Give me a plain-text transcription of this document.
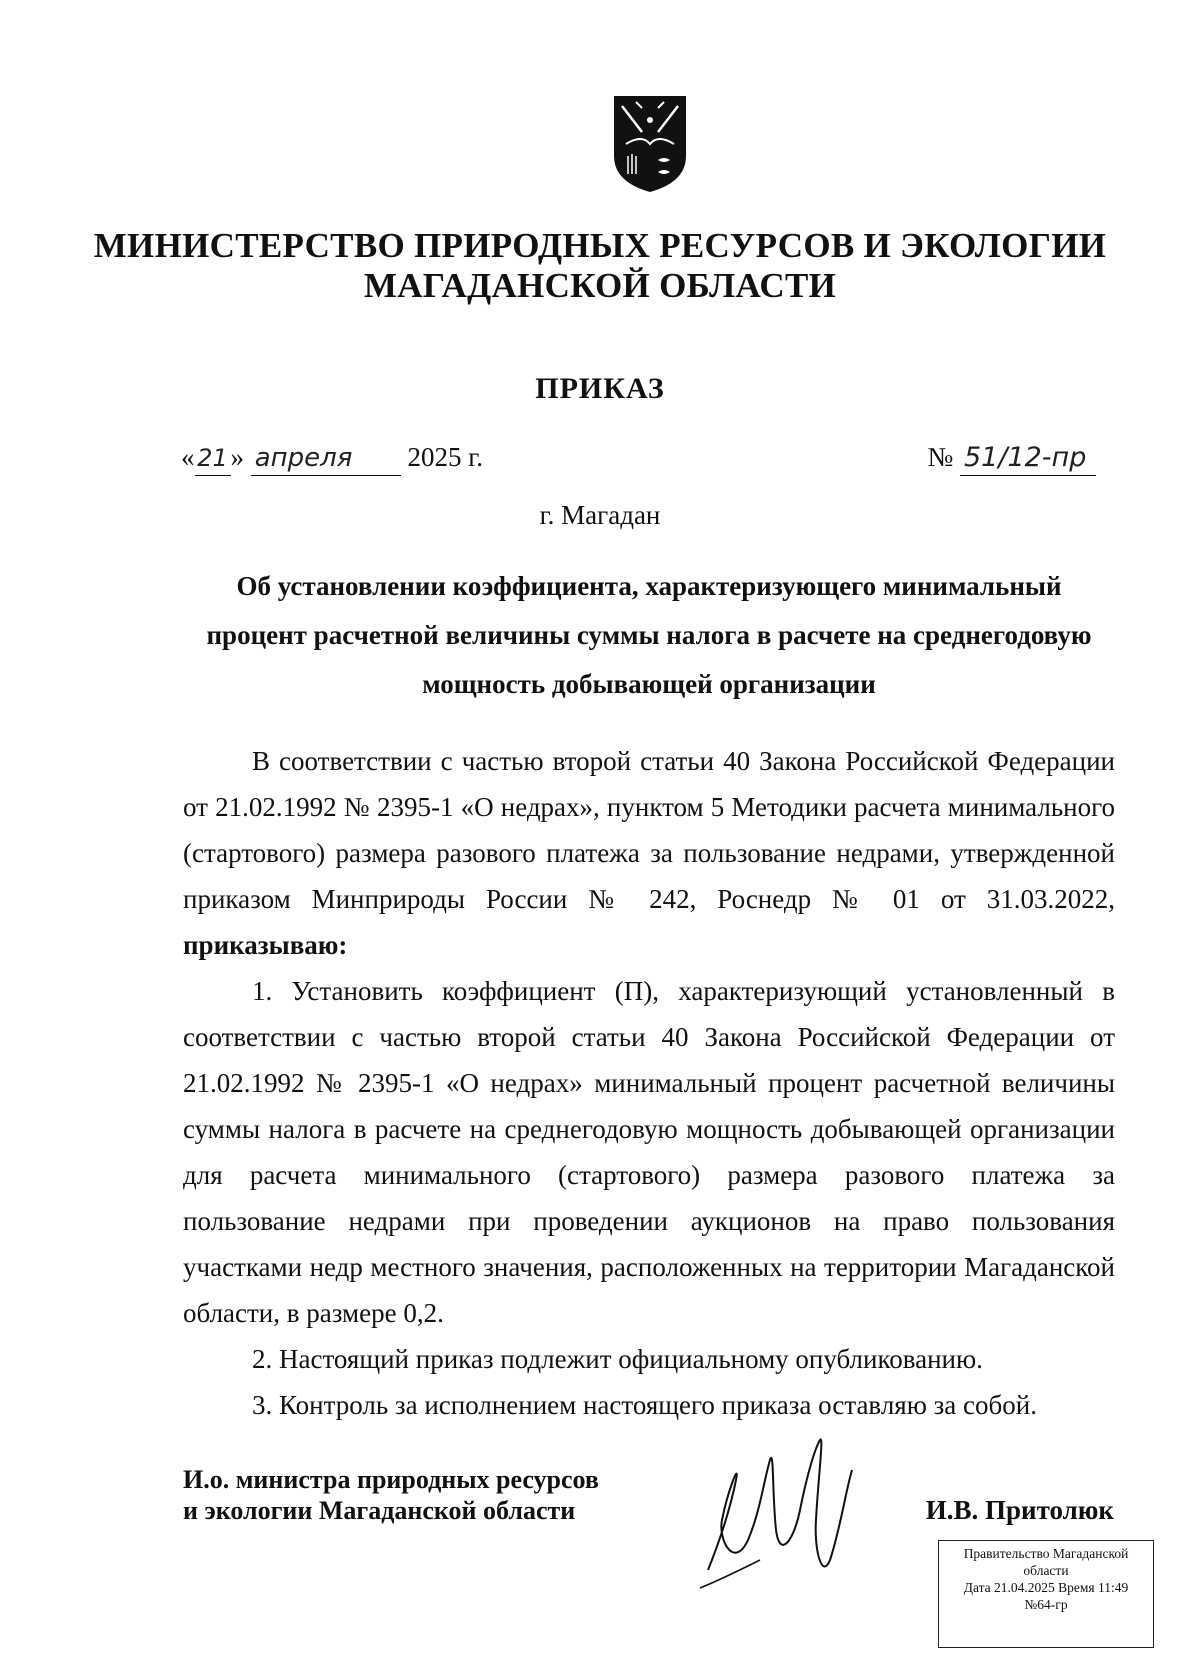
МИНИСТЕРСТВО ПРИРОДНЫХ РЕСУРСОВ И ЭКОЛОГИИ
МАГАДАНСКОЙ ОБЛАСТИ
ПРИКАЗ
« 21 » апреля 2025 г.	№ 51/12-пр
г. Магадан
Об установлении коэффициента, характеризующего минимальный процент расчетной величины суммы налога в расчете на среднегодовую мощность добывающей организации

В соответствии с частью второй статьи 40 Закона Российской Федерации от 21.02.1992 № 2395-1 «О недрах», пунктом 5 Методики расчета минимального (стартового) размера разового платежа за пользование недрами, утвержденной приказом Минприроды России № 242, Роснедр № 01 от 31.03.2022, приказываю:

1. Установить коэффициент (П), характеризующий установленный в соответствии с частью второй статьи 40 Закона Российской Федерации от 21.02.1992 № 2395-1 «О недрах» минимальный процент расчетной величины суммы налога в расчете на среднегодовую мощность добывающей организации для расчета минимального (стартового) размера разового платежа за пользование недрами при проведении аукционов на право пользования участками недр местного значения, расположенных на территории Магаданской области, в размере 0,2.

2. Настоящий приказ подлежит официальному опубликованию.

3. Контроль за исполнением настоящего приказа оставляю за собой.

И.о. министра природных ресурсов
и экологии Магаданской области	И.В. Притолюк
Правительство Магаданской
области
Дата 21.04.2025 Время 11:49
№64-гр
